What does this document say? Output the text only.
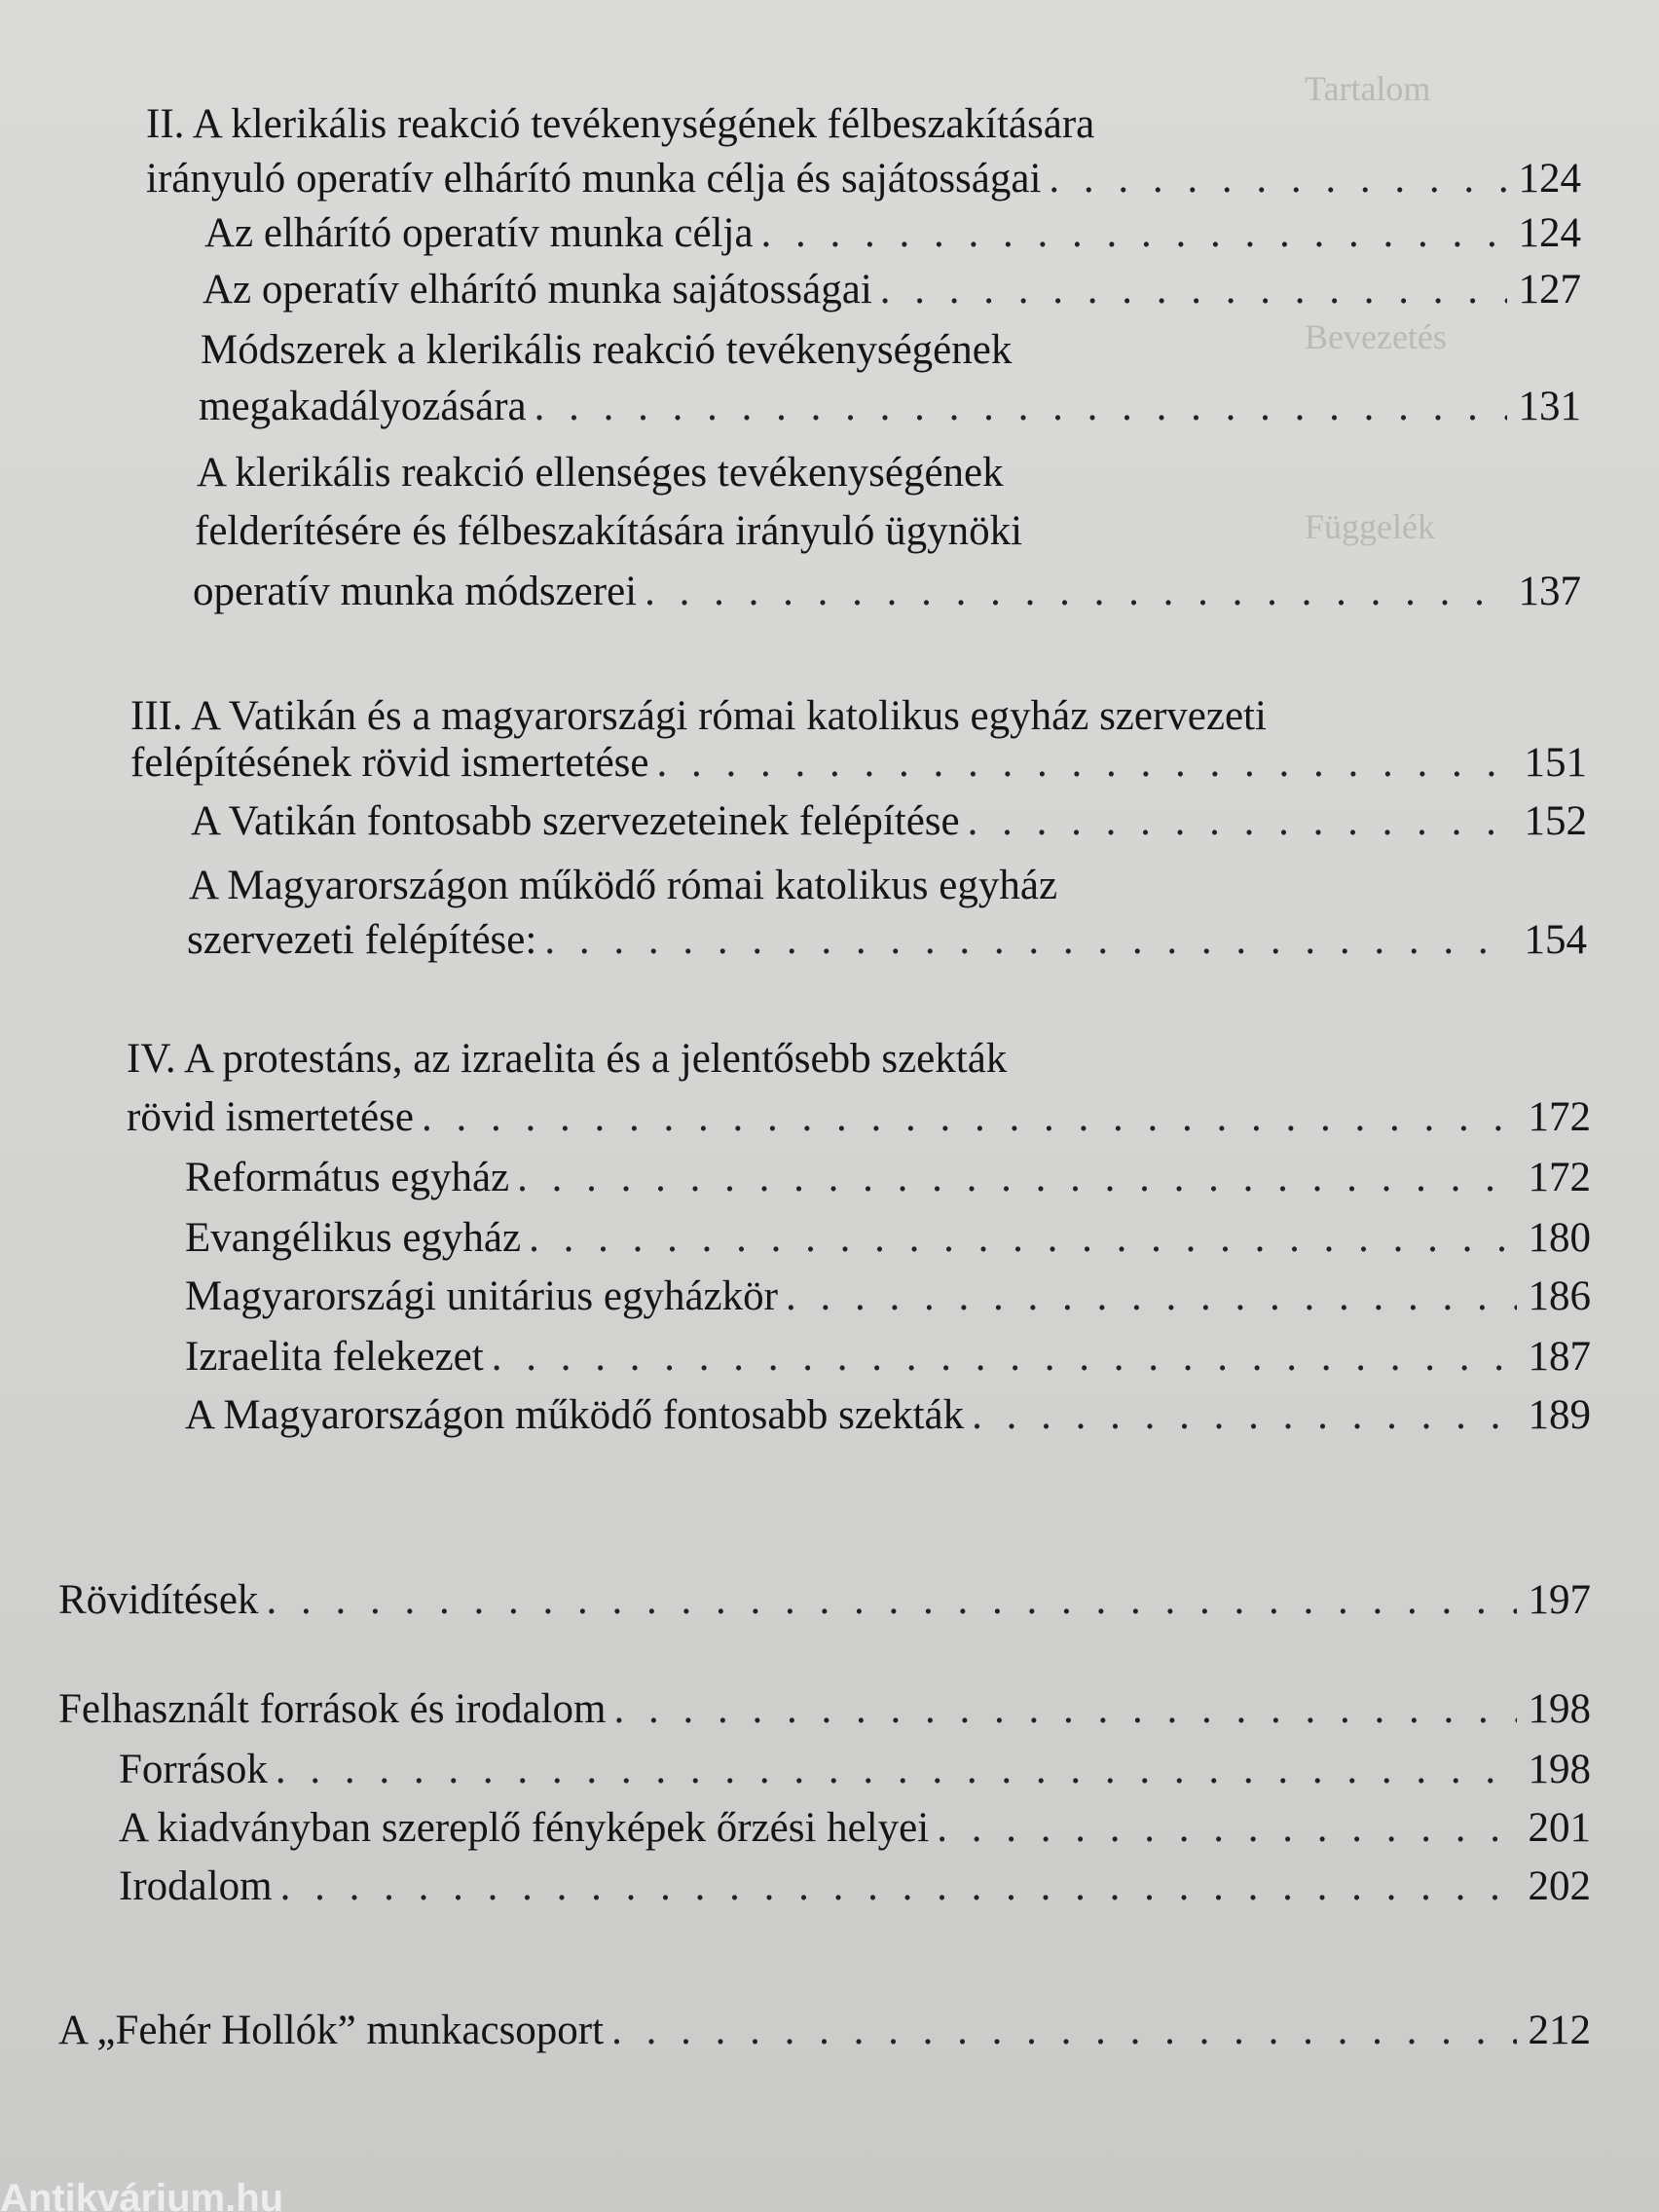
Tartalom
Bevezetés
Függelék
II. A klerikális reakció tevékenységének félbeszakítására
irányuló operatív elhárító munka célja és sajátosságai . . .	124
Az elhárító operatív munka célja . . .	124
Az operatív elhárító munka sajátosságai . . .	127
Módszerek a klerikális reakció tevékenységének
megakadályozására . . .	131
A klerikális reakció ellenséges tevékenységének
felderítésére és félbeszakítására irányuló ügynöki
operatív munka módszerei . . .	137
III. A Vatikán és a magyarországi római katolikus egyház szervezeti
felépítésének rövid ismertetése . . .	151
A Vatikán fontosabb szervezeteinek felépítése . . .	152
A Magyarországon működő római katolikus egyház
szervezeti felépítése: . . .	154
IV. A protestáns, az izraelita és a jelentősebb szekták
rövid ismertetése . . .	172
Református egyház . . .	172
Evangélikus egyház . . .	180
Magyarországi unitárius egyházkör . . .	186
Izraelita felekezet . . .	187
A Magyarországon működő fontosabb szekták . . .	189
Rövidítések . . .	197
Felhasznált források és irodalom . . .	198
Források . . .	198
A kiadványban szereplő fényképek őrzési helyei . . .	201
Irodalom . . .	202
A „Fehér Hollók” munkacsoport . . .	212
Antikvárium.hu
